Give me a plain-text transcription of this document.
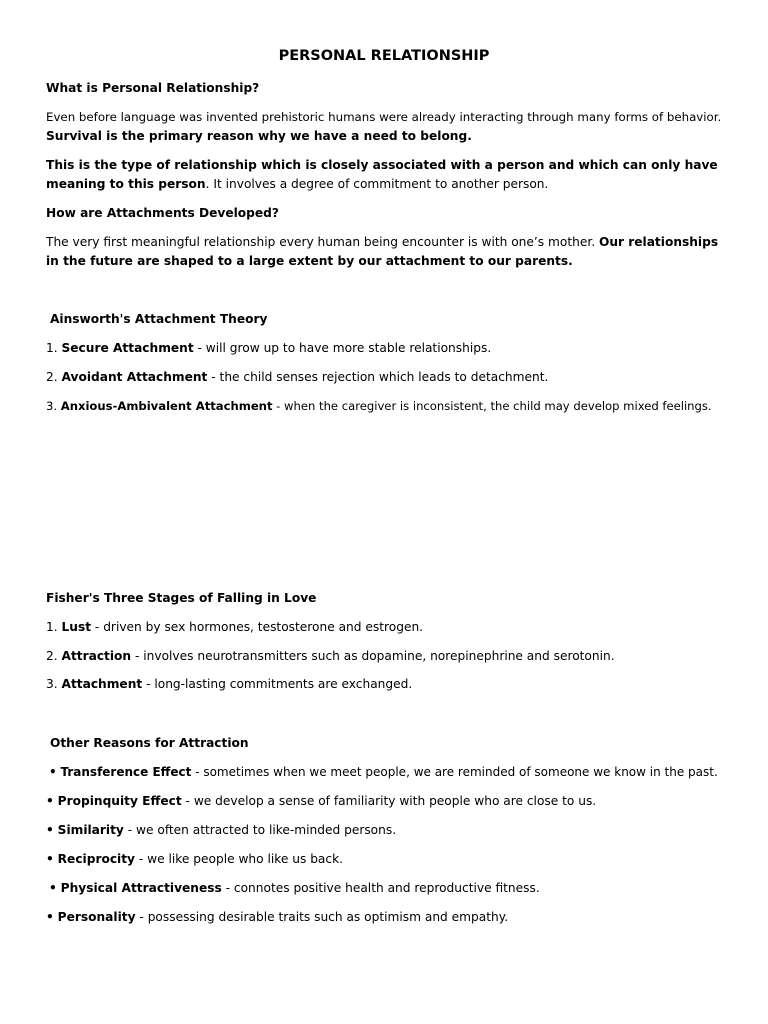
PERSONAL RELATIONSHIP
What is Personal Relationship?
Even before language was invented prehistoric humans were already interacting through many forms of behavior.
Survival is the primary reason why we have a need to belong.
This is the type of relationship which is closely associated with a person and which can only have meaning to this person. It involves a degree of commitment to another person.
How are Attachments Developed?
The very first meaningful relationship every human being encounter is with one’s mother. Our relationships in the future are shaped to a large extent by our attachment to our parents.
Ainsworth's Attachment Theory
1. Secure Attachment - will grow up to have more stable relationships.
2. Avoidant Attachment - the child senses rejection which leads to detachment.
3. Anxious-Ambivalent Attachment - when the caregiver is inconsistent, the child may develop mixed feelings.
Fisher's Three Stages of Falling in Love
1. Lust - driven by sex hormones, testosterone and estrogen.
2. Attraction - involves neurotransmitters such as dopamine, norepinephrine and serotonin.
3. Attachment - long-lasting commitments are exchanged.
Other Reasons for Attraction
• Transference Effect - sometimes when we meet people, we are reminded of someone we know in the past.
• Propinquity Effect - we develop a sense of familiarity with people who are close to us.
• Similarity - we often attracted to like-minded persons.
• Reciprocity - we like people who like us back.
• Physical Attractiveness - connotes positive health and reproductive fitness.
• Personality - possessing desirable traits such as optimism and empathy.
